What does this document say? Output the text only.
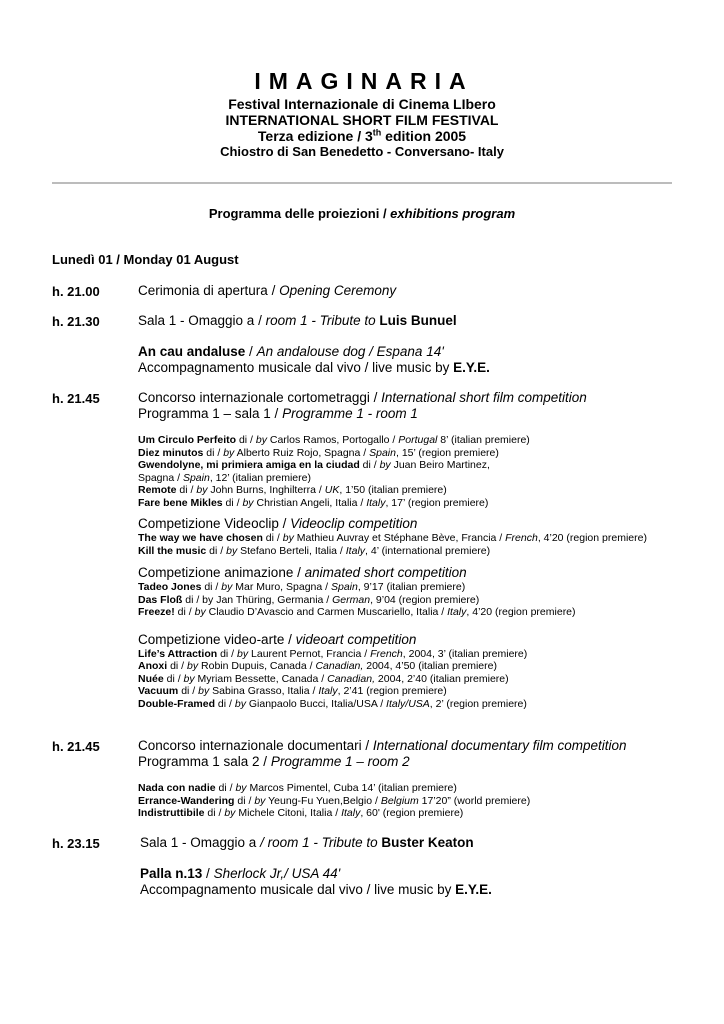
IMAGINARIA
Festival Internazionale di Cinema LIbero
INTERNATIONAL SHORT FILM FESTIVAL
Terza edizione / 3th edition 2005
Chiostro di San Benedetto - Conversano- Italy
Programma delle proiezioni / exhibitions program
Lunedì 01 / Monday 01 August
h. 21.00	Cerimonia di apertura / Opening Ceremony
h. 21.30	Sala 1 - Omaggio a / room 1 - Tribute to Luis Bunuel
An cau andaluse / An andalouse dog / Espana 14'
Accompagnamento musicale dal vivo / live music by E.Y.E.
h. 21.45	Concorso internazionale cortometraggi / International short film competition
Programma 1 – sala 1 / Programme 1 - room 1
Um Circulo Perfeito di / by Carlos Ramos, Portogallo / Portugal 8’ (italian premiere)
Diez minutos di / by Alberto Ruiz Rojo, Spagna / Spain, 15’ (region premiere)
Gwendolyne, mi primiera amiga en la ciudad di / by Juan Beiro Martinez,
Spagna / Spain, 12’ (italian premiere)
Remote di / by John Burns, Inghilterra / UK, 1’50 (italian premiere)
Fare bene Mikles di / by Christian Angeli, Italia / Italy, 17’ (region premiere)
Competizione Videoclip / Videoclip competition
The way we have chosen di / by Mathieu Auvray et Stéphane Bève, Francia / French, 4’20 (region premiere)
Kill the music di / by Stefano Berteli, Italia / Italy, 4’ (international premiere)
Competizione animazione / animated short competition
Tadeo Jones di / by Mar Muro, Spagna / Spain, 9’17 (italian premiere)
Das Floß di / by Jan Thüring, Germania / German, 9’04 (region premiere)
Freeze! di / by Claudio D’Avascio and Carmen Muscariello, Italia / Italy, 4’20 (region premiere)
Competizione video-arte / videoart competition
Life’s Attraction di / by Laurent Pernot, Francia / French, 2004, 3’ (italian premiere)
Anoxi di / by Robin Dupuis, Canada / Canadian, 2004, 4’50 (italian premiere)
Nuée di / by Myriam Bessette, Canada / Canadian, 2004, 2’40 (italian premiere)
Vacuum di / by Sabina Grasso, Italia / Italy, 2’41 (region premiere)
Double-Framed di / by Gianpaolo Bucci, Italia/USA / Italy/USA, 2’ (region premiere)
h. 21.45	Concorso internazionale documentari / International documentary film competition
Programma 1 sala 2 / Programme 1 – room 2
Nada con nadie di / by Marcos Pimentel, Cuba 14’ (italian premiere)
Errance-Wandering di / by Yeung-Fu Yuen,Belgio / Belgium 17’20” (world premiere)
Indistruttibile di / by Michele Citoni, Italia / Italy, 60' (region premiere)
h. 23.15	Sala 1 - Omaggio a / room 1 - Tribute to Buster Keaton
Palla n.13 / Sherlock Jr,/ USA 44'
Accompagnamento musicale dal vivo / live music by E.Y.E.
